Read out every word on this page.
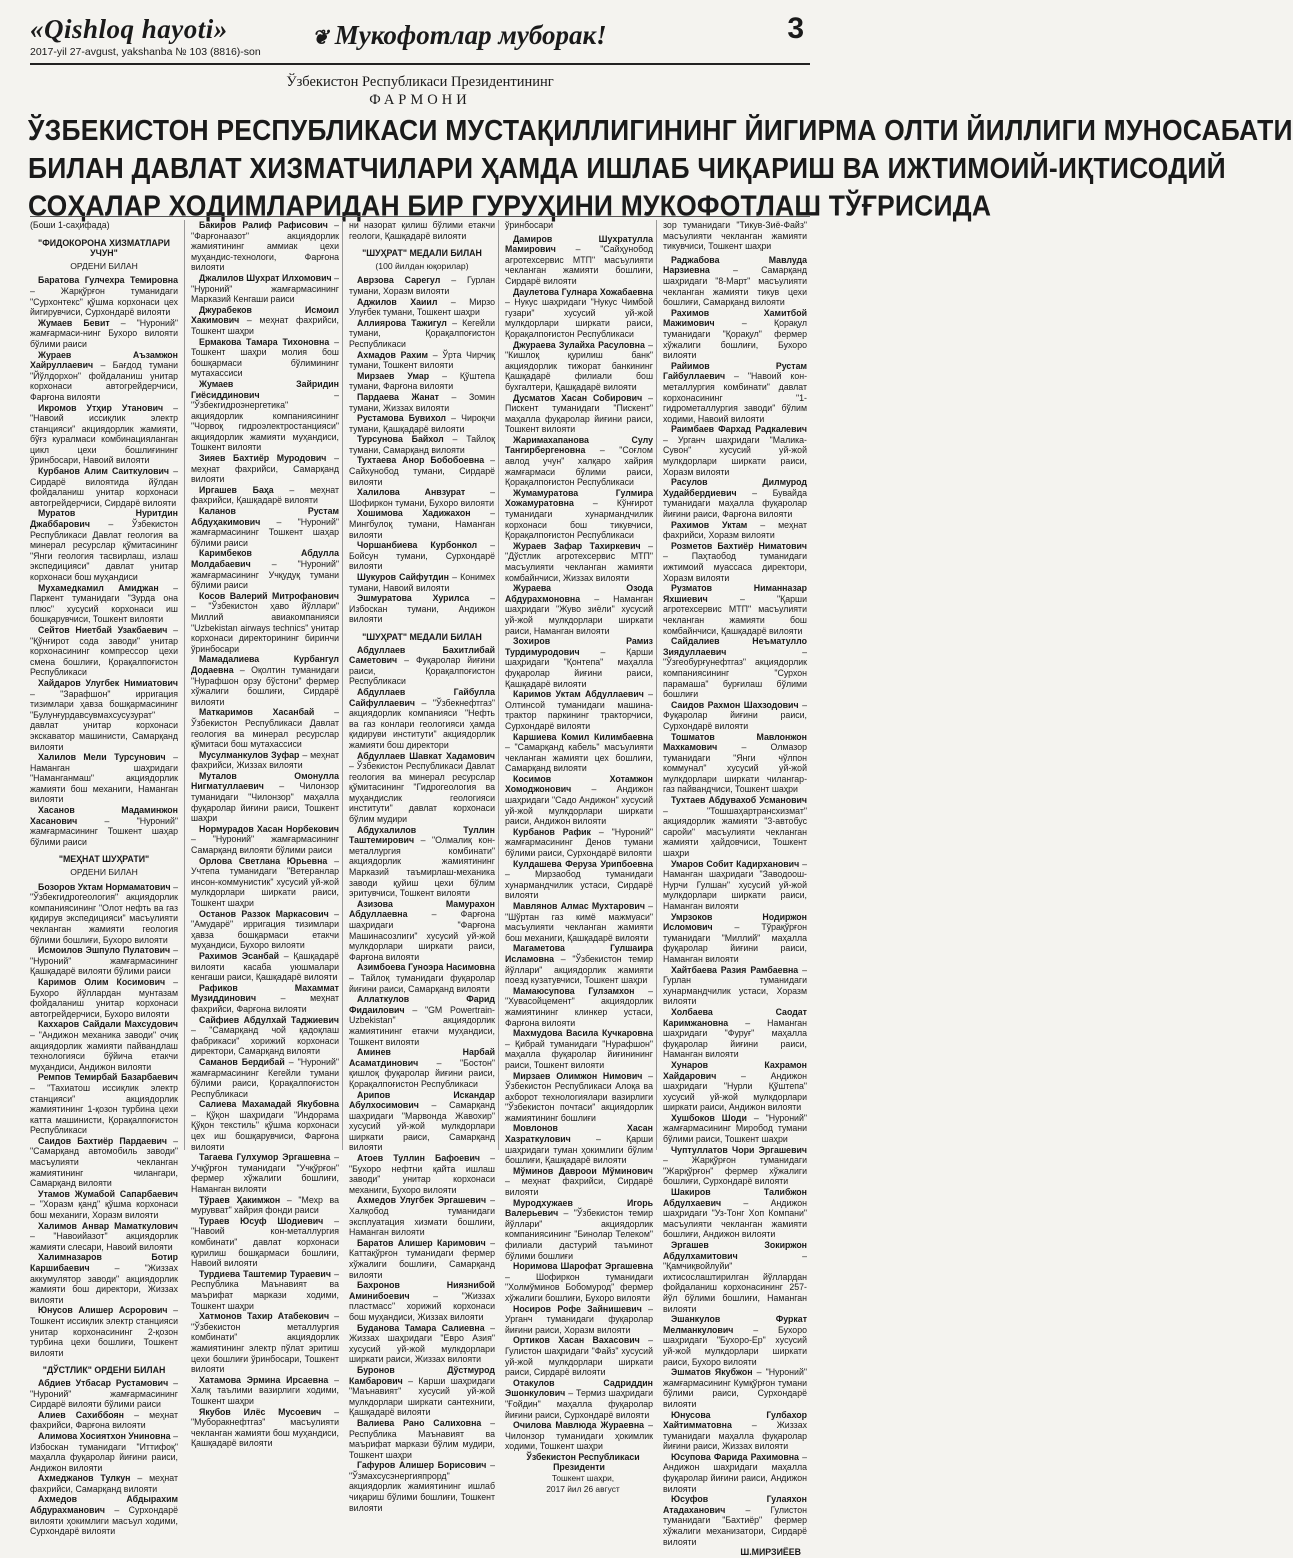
«Qishloq hayoti»
2017-yil 27-avgust, yakshanba № 103 (8816)-son
❦ Мукофотлар муборак!	3
Ўзбекистон Республикаси Президентининг
ФАРМОНИ
ЎЗБЕКИСТОН РЕСПУБЛИКАСИ МУСТАҚИЛЛИГИНИНГ ЙИГИРМА ОЛТИ ЙИЛЛИГИ МУНОСАБАТИ
БИЛАН ДАВЛАТ ХИЗМАТЧИЛАРИ ҲАМДА ИШЛАБ ЧИҚАРИШ ВА ИЖТИМОИЙ-ИҚТИСОДИЙ
СОҲАЛАР ХОДИМЛАРИДАН БИР ГУРУҲИНИ МУКОФОТЛАШ ТЎҒРИСИДА

(Боши 1-саҳифада)

"ФИДОКОРОНА ХИЗМАТЛАРИ УЧУН"

ОРДЕНИ БИЛАН

Баратова Гулчехра Темировна – Жарқўрғон туманидаги "Сурхонтекс" қўшма корхонаси цех йигирувчиси, Сурхондарё вилояти

Жумаев Бевит – "Нуроний" жамғармаси-нинг Бухоро вилояти бўлими раиси

Жураев Аъзамжон Хайруллаевич – Бағдод тумани "Йўлдорхон" фойдаланиш унитар корхонаси автогрейдерчиси, Фарғона вилояти

Икромов Утҳир Утанович – "Навоий иссиқлик электр станцияси" акциядорлик жамияти, бўғз куралмаси комбинацияланган цикл цехи бошлиғининг ўринбосари, Навоий вилояти

Курбанов Алим Саиткулович – Сирдарё вилоятида йўлдан фойдаланиш унитар корхонаси автогрейдерчиси, Сирдарё вилояти

Муратов Нуритдин Джаббарович – Ўзбекистон Республикаси Давлат геология ва минерал ресурслар қўмитасининг "Янги геология тасвирлаш, излаш экспедицияси" давлат унитар корхонаси бош муҳандиси

Мухамедкамил Амиджан – Паркент туманидаги "Зурда она плюс" хусусий корхонаси иш бошқарувчиси, Тошкент вилояти

Сейтов Ниетбай Узакбаевич – "Қўнғирот сода заводи" унитар корхонасининг компрессор цехи смена бошлиғи, Қорақалпоғистон Республикаси

Хайдаров Улугбек Нимиатович – "Зарафшон" ирригация тизимлари ҳавза бошқармасининг "Булунғурдавсувмахсусузурат" давлат унитар корхонаси экскаватор машинисти, Самарқанд вилояти

Халилов Мели Турсунович – Наманган шаҳридаги "Наманганмаш" акциядорлик жамияти бош механиги, Наманган вилояти

Хасанов Мадаминжон Хасанович	– "Нуроний" жамғармасининг Тошкент шаҳар бўлими раиси

"МЕҲНАТ ШУҲРАТИ"

ОРДЕНИ БИЛАН

Бозоров Уктам Нормаматович – "Ўзбекгидрогеология" акциядорлик компаниясининг "Олот нефть ва газ қидирув экспедицияси" масъулияти чекланган жамияти геология бўлими бошлиғи, Бухоро вилояти

Исмоилов Эшпуло Пулатович – "Нуроний" жамғармасининг Қашқадарё вилояти бўлими раиси

Каримов Олим Косимович – Бухоро йўллардан мунтазам фойдаланиш унитар корхонаси автогрейдерчиси, Бухоро вилояти

Каххаров Сайдали Махсудович – "Андижон механика заводи" очиқ акциядорлик жамияти пайвандлаш технологияси бўйича етакчи муҳандиси, Андижон вилояти

Ремпов Темирбай Базарбаевич – "Тахиатош иссиқлик электр станцияси" акциядорлик жамиятининг 1-қозон турбина цехи катта машинисти, Қорақалпоғистон Республикаси

Саидов Бахтиёр Пардаевич – "Самарқанд автомобиль заводи" масъулияти чекланган жамиятининг чилангари, Самарқанд вилояти

Утамов Жумабой Сапарбаевич – "Хоразм қанд" қўшма корхонаси бош механиги, Хоразм вилояти

Халимов Анвар Маматкулович – "Навоийазот" акциядорлик жамияти слесари, Навоий вилояти

Халимназаров Ботир Каршибаевич	– "Жиззах аккумулятор заводи" акциядорлик жамияти бош директори, Жиззах вилояти

Юнусов Алишер Асрорович – Тошкент иссиқлик электр станцияси унитар корхонасининг 2-қозон турбина цехи бошлиғи, Тошкент вилояти

"ДЎСТЛИК" ОРДЕНИ БИЛАН

Абдиев Утбасар Рустамович – "Нуроний" жамғармасининг Сирдарё вилояти бўлими раиси

Алиев Сахиббоян – меҳнат фахрийси, Фарғона вилояти

Алимова Хосиятхон Униновна – Избоскан туманидаги "Иттифоқ" маҳалла фуқаролар йиғини раиси, Андижон вилояти

Ахмеджанов Тулкун – меҳнат фахрийси, Самарқанд вилояти

Ахмедов Абдырахим Абдурахманович – Сурхондарё вилояти ҳокимлиги масъул ходими, Сурхондарё вилояти

Бакиров Ралиф Рафисович – "Фарғонаазот" акциядорлик жамиятининг аммиак цехи муҳандис-технологи, Фарғона вилояти

Джалилов Шухрат Илхомович – "Нуроний" жамғармасининг Марказий Кенгаши раиси

Джурабеков Исмоил Хакимович – меҳнат фахрийси, Тошкент шаҳри

Ермакова Тамара Тихоновна – Тошкент шаҳри молия бош бошқармаси бўлимининг мутахассиси

Жумаев Зайридин Гиёсиддинович	– "Ўзбекгидроэнергетика" акциядорлик компаниясининг "Чорвоқ гидроэлектростанцияси" акциядорлик жамияти муҳандиси, Тошкент вилояти

Зияев Бахтиёр Муродович – меҳнат фахрийси, Самарқанд вилояти

Иргашев Баҳа – меҳнат фахрийси, Қашқадарё вилояти

Каланов Рустам Абдуҳакимович – "Нуроний" жамғармасининг Тошкент шаҳар бўлими раиси

Каримбеков Абдулла Молдабаевич – "Нуроний" жамғармасининг Учқудуқ тумани бўлими раиси

Косов Валерий Митрофанович – "Ўзбекистон ҳаво йўллари" Миллий авиакомпанияси "Uzbekistan airways technics" унитар корхонаси директорининг биринчи ўринбосари

Мамадалиева Курбангул Додаевна – Оқолтин туманидаги "Нурафшон орзу бўстони" фермер хўжалиги бошлиғи, Сирдарё вилояти

Маткаримов Хасанбай – Ўзбекистон Республикаси Давлат геология ва минерал ресурслар қўмитаси бош мутахассиси

Мусулманкулов Зуфар – меҳнат фахрийси, Жиззах вилояти

Муталов Омонулла Нигматуллаевич – Чилонзор туманидаги "Чилонзор" маҳалла фуқаролар йиғини раиси, Тошкент шаҳри

Нормурадов Хасан Норбекович – "Нуроний" жамғармасининг Самарқанд вилояти бўлими раиси

Орлова Светлана Юрьевна – Учтепа туманидаги "Ветеранлар инсон-коммунистик" хусусий уй-жой мулкдорлари ширкати раиси, Тошкент шаҳри

Останов Раззок Маркасович – "Амударё" ирригация тизимлари ҳавза бошқармаси етакчи муҳандиси, Бухоро вилояти

Рахимов Эсанбай – Қашқадарё вилояти касаба уюшмалари кенгаши раиси, Қашқадарё вилояти

Рафиков Махаммат Музиддинович	– меҳнат фахрийси, Фарғона вилояти

Сайфиев Абдулхай Таджиевич – "Самарқанд чой қадоқлаш фабрикаси" хорижий корхонаси директори, Самарқанд вилояти

Саманов Бердибай – "Нуроний" жамғармасининг Кегейли тумани бўлими раиси, Қорақалпоғистон Республикаси

Салиева Махамадай Якубовна – Қўқон шаҳридаги "Индорама Қўқон текстиль" қўшма корхонаси цех иш бошқарувчиси, Фарғона вилояти

Тагаева Гулхумор Эргашевна – Учқўрғон туманидаги "Учқўрғон" фермер хўжалиги бошлиғи, Наманган вилояти

Тўраев Ҳакимжон – "Мехр ва мурувват" хайрия фонди раиси

Тураев Юсуф Шодиевич – "Навоий кон-металлургия комбинати" давлат корхонаси қурилиш бошқармаси бошлиғи, Навоий вилояти

Турдиева Таштемир Тураевич – Республика Маънавият ва маърифат маркази ходими, Тошкент шаҳри

Хатмонов Тахир Атабекович – "Ўзбекистон металлургия комбинати" акциядорлик жамиятининг электр пўлат эритиш цехи бошлиғи ўринбосари, Тошкент вилояти

Хатамова Эрмина Ирсаевна – Халқ таълими вазирлиги ходими, Тошкент шаҳри

Якубов Илёс Мусоевич – "Муборакнефтгаз" масъулияти чекланган жамияти бош муҳандиси, Қашқадарё вилояти

ни назорат қилиш бўлими етакчи геологи, Қашқадарё вилояти

"ШУҲРАТ" МЕДАЛИ БИЛАН

(100 йилдан юқорилар)

Аврзова Сарегул – Гурлан тумани, Хоразм вилояти

Аджилов Хаиил – Мирзо Улуғбек тумани, Тошкент шаҳри

Аллиярова Тажигул – Кегейли тумани, Қорақалпоғистон Республикаси

Ахмадов Рахим – Ўрта Чирчиқ тумани, Тошкент вилояти

Мирзаев Умар – Қўштепа тумани, Фарғона вилояти

Пардаева Жанат – Зомин тумани, Жиззах вилояти

Рустамова Бувихол – Чироқчи тумани, Қашқадарё вилояти

Турсунова Байхол – Тайлоқ тумани, Самарқанд вилояти

Тухтаева Анор Бобобоевна – Сайхунобод тумани, Сирдарё вилояти

Халилова Анвзурат	– Шофиркон тумани, Бухоро вилояти

Хошимова Хадижахон – Мингбулоқ тумани, Наманган вилояти

Чоршанбиева Курбонкол – Бойсун тумани, Сурхондарё вилояти

Шукуров Сайфутдин – Конимех тумани, Навоий вилояти

Эшмуратова Хурилса – Избоскан тумани, Андижон вилояти

"ШУҲРАТ" МЕДАЛИ БИЛАН

Абдуллаев Бахитлибай Саметович – Фуқаролар йиғини раиси, Қорақалпоғистон Республикаси

Абдуллаев Гайбулла Сайфуллаевич – "Ўзбекнефтгаз" акциядорлик компанияси "Нефть ва газ конлари геологияси ҳамда қидируви институти" акциядорлик жамияти бош директори

Абдуллаев Шавкат Хадамович – Ўзбекистон Республикаси Давлат геология ва минерал ресурслар қўмитасининг "Гидрогеология ва муҳандислик геологияси институти" давлат корхонаси бўлим мудири

Абдухалилов Туллин Таштемирович – "Олмалиқ кон-металлургия комбинати" акциядорлик жамиятининг Марказий таъмирлаш-механика заводи қуйиш цехи бўлим эритувчиси, Тошкент вилояти

Азизова Мамурахон Абдуллаевна	– Фарғона шаҳридаги "Фарғона Машинасозлиги" хусусий уй-жой мулкдорлари ширкати раиси, Фарғона вилояти

Азимбоева Гуноэра Насимовна – Тайлоқ туманидаги фуқаролар йиғини раиси, Самарқанд вилояти

Аллаткулов Фарид Фидаилович – "GM Powertrain-Uzbekistan" акциядорлик жамиятининг етакчи муҳандиси, Тошкент вилояти

Аминев Нарбай Асаматдинович – "Бостон" қишлоқ фуқаролар йиғини раиси, Қорақалпоғистон Республикаси

Арипов Искандар Абулхосимович – Самарқанд шаҳридаги "Марвонда Жавохир" хусусий уй-жой мулкдорлари ширкати раиси, Самарқанд вилояти

Атоев Туллин Бафоевич – "Бухоро нефтни қайта ишлаш заводи" унитар корхонаси механиги, Бухоро вилояти

Ахмедов Улугбек Эргашевич – Халқобод туманидаги эксплуатация хизмати бошлиғи, Наманган вилояти

Баратов Алишер Каримович – Каттақўрғон туманидаги фермер хўжалиги бошлиғи, Самарқанд вилояти

Бахронов Ниязнибой Аминибоевич	– "Жиззах пластмасс" хорижий корхонаси бош муҳандиси, Жиззах вилояти

Буданова Тамара Салиевна – Жиззах шаҳридаги "Евро Азия" хусусий уй-жой мулкдорлари ширкати раиси, Жиззах вилояти

Буронов Дўстмурод Камбарович – Карши шаҳридаги "Маънавият" хусусий уй-жой мулкдорлари ширкати сантехниги, Қашқадарё вилояти

Валиева Рано Салиховна – Республика Маънавият ва маърифат маркази бўлим мудири, Тошкент шаҳри

Гафуров Алишер Борисович – "Ўзмахсусэнергияпрорд" акциядорлик жамиятининг ишлаб чиқариш бўлими бошлиғи, Тошкент вилояти

ўринбосари

Дамиров Шухратулла Мамирович – "Сайҳунобод агротехсервис МТП" масъулияти чекланган жамияти бошлиғи, Сирдарё вилояти

Даулетова Гулнара Хожабаевна – Нукус шаҳридаги "Нукус Чимбой гузари" хусусий уй-жой мулкдорлари ширкати раиси, Қорақалпоғистон Республикаси

Джураева Зулайха Расуловна – "Кишлоқ қурилиш банк" акциядорлик тижорат банкининг Қашқадарё филиали бош бухгалтери, Қашқадарё вилояти

Дусматов Хасан Собирович – Пискент туманидаги "Пискент" маҳалла фуқаролар йиғини раиси, Тошкент вилояти

Жаримахапанова Сулу Тангирбергеновна – "Соғлом авлод учун" халқаро хайрия жамғармаси бўлими раиси, Қорақалпоғистон Республикаси

Жумамуратова Гулмира Хожамуратовна – Кўнғирот туманидаги хунармандчилик корхонаси бош тикувчиси, Қорақалпоғистон Республикаси

Жураев Зафар Тахиркевич – "Дўстлик агротехсервис МТП" масъулияти чекланган жамияти комбайнчиси, Жиззах вилояти

Жураева Озода Абдурахмоновна – Наманган шаҳридаги "Жуво зиёли" хусусий уй-жой мулкдорлари ширкати раиси, Наманган вилояти

Зохиров Рамиз Турдимуродович – Қарши шаҳридаги "Қонтепа" маҳалла фуқаролар йиғини раиси, Қашқадарё вилояти

Каримов Уктам Абдуллаевич – Олтинсой туманидаги машина-трактор паркининг тракторчиси, Сурхондарё вилояти

Каршиева Комил Килимбаевна – "Самарқанд кабель" масъулияти чекланган жамияти цех бошлиғи, Самарқанд вилояти

Косимов Хотамжон Хомоджонович – Андижон шаҳридаги "Садо Андижон" хусусий уй-жой мулкдорлари ширкати раиси, Андижон вилояти

Курбанов Рафик – "Нуроний" жамғармасининг Денов тумани бўлими раиси, Сурхондарё вилояти

Кулдашева Феруза Урипбоевна – Мирзаобод туманидаги хунармандчилик устаси, Сирдарё вилояти

Мавлянов Алмас Мухтарович – "Шўртан газ кимё мажмуаси" масъулияти чекланган жамияти бош механиги, Қашқадарё вилояти

Магаметова Гулшаира Исламовна – "Ўзбекистон темир йўллари" акциядорлик жамияти поезд кузатувчиси, Тошкент шаҳри

Мамаюсупова Гулзамхон – "Хувасойцемент" акциядорлик жамиятининг клинкер устаси, Фарғона вилояти

Махмудова Васила Кучкаровна – Қибрай туманидаги "Нурафшон" маҳалла фуқаролар йиғинининг раиси, Тошкент вилояти

Мирзаев Олимжон Нимович – Ўзбекистон Республикаси Алоқа ва ахборот технологиялари вазирлиги "Ўзбекистон почтаси" акциядорлик жамиятининг бошлиғи

Мовлонов Хасан Хазраткулович	– Қарши шаҳридаги туман ҳокимлиги бўлим бошлиғи, Қашқадарё вилояти

Мўминов Давроои Мўминович – меҳнат фахрийси, Сирдарё вилояти

Муродхужаев Игорь Валерьевич – "Ўзбекистон темир йўллари" акциядорлик компаниясининг "Бинолар Телеком" филиали дастурий таъминот бўлими бошлиғи

Норимова Шарофат Эргашевна – Шофиркон туманидаги "Холмўминов Бобомурод" фермер хўжалиги бошлиғи, Бухоро вилояти

Носиров Рофе Зайнишевич – Урганч туманидаги фуқаролар йиғини раиси, Хоразм вилояти

Ортиков Хасан Вахасович – Гулистон шаҳридаги "Файз" хусусий уй-жой мулкдорлари ширкати раиси, Сирдарё вилояти

Отакулов Садриддин Эшонкулович – Термиз шаҳридаги "Ғойдин" маҳалла фуқаролар йиғини раиси, Сурхондарё вилояти

Очилова Мавлюда Жураевна – Чилонзор туманидаги ҳокимлик ходими, Тошкент шаҳри

Ўзбекистон Республикаси Президенти

Тошкент шаҳри,

2017 йил 26 август

зор туманидаги "Тикув-Зиё-Файз" масъулияти чекланган жамияти тикувчиси, Тошкент шаҳри

Раджабова Мавлуда Нарзиевна	– Самарқанд шаҳридаги "8-Март" масъулияти чекланган жамияти тикув цехи бошлиғи, Самарқанд вилояти

Рахимов Хамитбой Мажимович	– Қорақул туманидаги "Қорақул" фермер хўжалиги бошлиғи, Бухоро вилояти

Райимов Рустам Гайбуллаевич – "Навоий кон-металлургия комбинати" давлат корхонасининг "1-гидрометаллургия заводи" бўлим ходими, Навоий вилояти

Раимбаев Фархад Радкалевич – Урганч шаҳридаги "Малика-Сувон" хусусий уй-жой мулкдорлари ширкати раиси, Хоразм вилояти

Расулов Дилмурод Худайбердиевич – Бувайда туманидаги маҳалла фуқаролар йиғини раиси, Фарғона вилояти

Рахимов Уктам – меҳнат фахрийси, Хоразм вилояти

Розметов Бахтиёр Ниматович – Паҳтаобод туманидаги ижтимоий муассаса директори, Хоразм вилояти

Рузматов Ниманназар Яхшиевич	– "Қарши агротехсервис МТП" масъулияти чекланган жамияти бош комбайнчиси, Қашқадарё вилояти

Сайдалиев Неъматулло Зиядуллаевич	– "Ўзгеобурғунефтгаз" акциядорлик компаниясининг "Сурхон парамаша" бурғилаш бўлими бошлиғи

Саидов Рахмон Шахзодович – Фуқаролар йиғини раиси, Сурхондарё вилояти

Тошматов Мавлонжон Махкамович	– Олмазор туманидаги "Янги чўлпон коммунал" хусусий уй-жой мулкдорлари ширкати чилангар-газ пайвандчиси, Тошкент шаҳри

Тухтаев Абдувахоб Усманович – "Тошшаҳартрансхизмат" акциядорлик жамияти "3-автобус саройи" масъулияти чекланган жамияти ҳайдовчиси, Тошкент шаҳри

Умаров Собит Кадирханович – Наманган шаҳридаги "Заводоош-Нурчи Гулшан" хусусий уй-жой мулкдорлари ширкати раиси, Наманган вилояти

Умрзоков Нодиржон Исломович – Тўрақўрғон туманидаги "Миллий" маҳалла фуқаролар йиғини раиси, Наманган вилояти

Хайтбаева Разия Рамбаевна – Гурлан туманидаги хунармандчилик устаси, Хоразм вилояти

Холбаева Саодат Каримжановна – Наманган шаҳридаги "Фуруғ" маҳалла фуқаролар йиғини раиси, Наманган вилояти

Хунаров Кахрамон Хайдарович	– Андижон шаҳридаги "Нурли Қўштепа" хусусий уй-жой мулкдорлари ширкати раиси, Андижон вилояти

Хушбоков Шоди – "Нуроний" жамғармасининг Миробод тумани бўлими раиси, Тошкент шаҳри

Чуптуллатов Чори Эргашевич – Жарқўрғон туманидаги "Жарқўрғон" фермер хўжалиги бошлиғи, Сурхондарё вилояти

Шакиров Талибжон Абдулхаевич	– Андижон шаҳридаги "Уз-Тонг Хоп Компани" масъулияти чекланган жамияти бошлиғи, Андижон вилояти

Эргашев Зокиржон Абдулхамитович	– "Қамчиқвойлуйи" ихтисослаштирилган йўллардан фойдаланиш корхонасининг 257-йўл бўлими бошлиғи, Наманган вилояти

Эшанкулов Фуркат Мелманкулович – Бухоро шаҳридаги "Бухоро-Ер" хусусий уй-жой мулкдорлари ширкати раиси, Бухоро вилояти

Эшматов Якубжон – "Нуроний" жамғармасининг Кумқўрғон тумани бўлими раиси, Сурхондарё вилояти

Юнусова Гулбахор Хайтимматовна – Жиззах туманидаги маҳалла фуқаролар йиғини раиси, Жиззах вилояти

Юсупова Фарида Рахимовна – Андижон шаҳридаги маҳалла фуқаролар йиғини раиси, Андижон вилояти

Юсуфов Гулаяхон Атадаханович – Гулистон туманидаги "Бахтиёр" фермер хўжалиги механизатори, Сирдарё вилояти

Ш.МИРЗИЁЕВ
